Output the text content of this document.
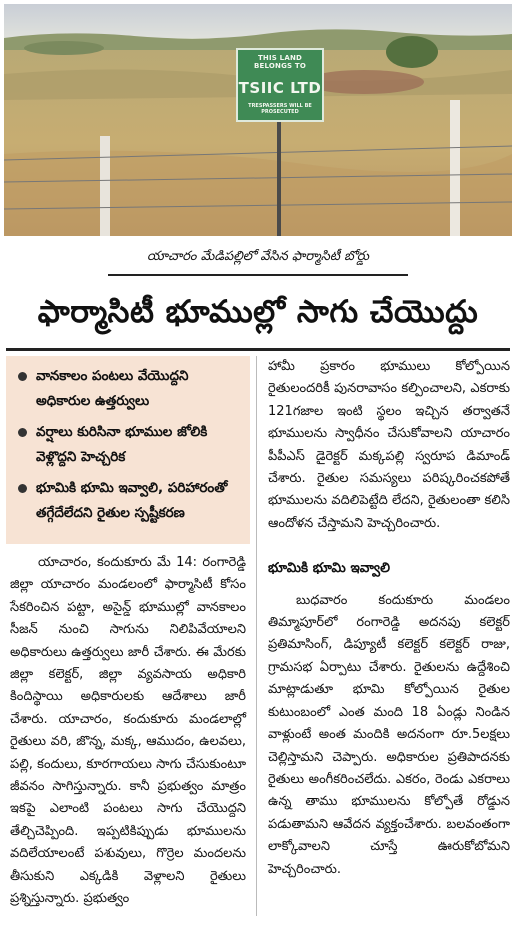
THIS LAND BELONGS TO
TSIIC LTD
TRESPASSERS WILL BE PROSECUTED
యాచారం మేడిపల్లిలో వేసిన ఫార్మాసిటీ బోర్డు
ఫార్మాసిటీ భూముల్లో సాగు చేయొద్దు
వానకాలం పంటలు వేయొద్దని అధికారుల ఉత్తర్వులు
వర్షాలు కురిసినా భూముల జోలికి వెళ్లొద్దని హెచ్చరిక
భూమికి భూమి ఇవ్వాలి, పరిహారంతో తగ్గేదేలేదని రైతుల స్పష్టీకరణ

యాచారం, కందుకూరు మే 14: రంగారెడ్డి జిల్లా యాచారం మండలంలో ఫార్మాసిటీ కోసం సేకరించిన పట్టా, అసైన్డ్ భూముల్లో వానకాలం సీజన్ నుంచి సాగును నిలిపివేయాలని అధికారులు ఉత్తర్వులు జారీ చేశారు. ఈ మేరకు జిల్లా కలెక్టర్, జిల్లా వ్యవసాయ అధికారి కిందిస్థాయి అధికారులకు ఆదేశాలు జారీ చేశారు. యాచారం, కందుకూరు మండలాల్లో రైతులు వరి, జొన్న, మక్క, ఆముదం, ఉలవలు, పల్లి, కందులు, కూరగాయలు సాగు చేసుకుంటూ జీవనం సాగిస్తున్నారు. కానీ ప్రభుత్వం మాత్రం ఇకపై ఎలాంటి పంటలు సాగు చేయొద్దని తేల్చిచెప్పింది. ఇప్పటికిప్పుడు భూములను వదిలేయాలంటే పశువులు, గొర్రెల మందలను తీసుకుని ఎక్కడికి వెళ్లాలని రైతులు ప్రశ్నిస్తున్నారు. ప్రభుత్వం

హామీ ప్రకారం భూములు కోల్పోయిన రైతులందరికీ పునరావాసం కల్పించాలని, ఎకరాకు 121గజాల ఇంటి స్థలం ఇచ్చిన తర్వాతనే భూములను స్వాధీనం చేసుకోవాలని యాచారం పీపీఎస్ డైరెక్టర్ మక్కపల్లి స్వరూప డిమాండ్ చేశారు. రైతుల సమస్యలు పరిష్కరించకపోతే భూములను వదిలిపెట్టేది లేదని, రైతులంతా కలిసి ఆందోళన చేస్తామని హెచ్చరించారు.

భూమికి భూమి ఇవ్వాలి

బుధవారం కందుకూరు మండలం తిమ్మాపూర్‌లో రంగారెడ్డి అదనపు కలెక్టర్ ప్రతిమాసింగ్, డిప్యూటీ కలెక్టర్ కలెక్టర్ రాజు, గ్రామసభ ఏర్పాటు చేశారు. రైతులను ఉద్దేశించి మాట్లాడుతూ భూమి కోల్పోయిన రైతుల కుటుంబంలో ఎంత మంది 18 ఏండ్లు నిండిన వాళ్లుంటే అంత మందికి అదనంగా రూ.5లక్షలు చెల్లిస్తామని చెప్పారు. అధికారుల ప్రతిపాదనకు రైతులు అంగీకరించలేదు. ఎకరం, రెండు ఎకరాలు ఉన్న తాము భూములను కోల్పోతే రోడ్డున పడుతామని ఆవేదన వ్యక్తంచేశారు. బలవంతంగా లాక్కోవాలని చూస్తే ఊరుకోబోమని హెచ్చరించారు.
